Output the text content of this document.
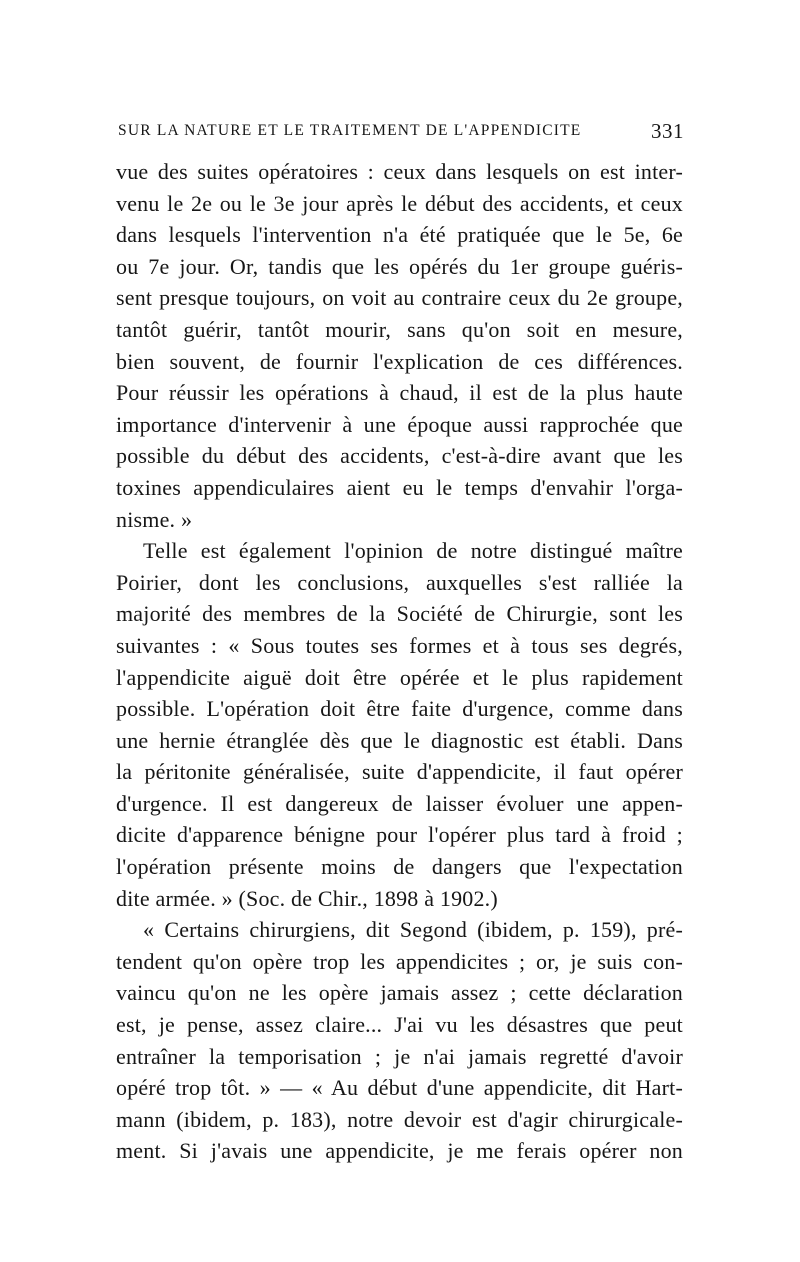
SUR LA NATURE ET LE TRAITEMENT DE L'APPENDICITE	331
vue des suites opératoires : ceux dans lesquels on est inter-
venu le 2e ou le 3e jour après le début des accidents, et ceux
dans lesquels l'intervention n'a été pratiquée que le 5e, 6e
ou 7e jour. Or, tandis que les opérés du 1er groupe guéris-
sent presque toujours, on voit au contraire ceux du 2e groupe,
tantôt guérir, tantôt mourir, sans qu'on soit en mesure,
bien souvent, de fournir l'explication de ces différences.
Pour réussir les opérations à chaud, il est de la plus haute
importance d'intervenir à une époque aussi rapprochée que
possible du début des accidents, c'est-à-dire avant que les
toxines appendiculaires aient eu le temps d'envahir l'orga-
nisme. »
Telle est également l'opinion de notre distingué maître
Poirier, dont les conclusions, auxquelles s'est ralliée la
majorité des membres de la Société de Chirurgie, sont les
suivantes : « Sous toutes ses formes et à tous ses degrés,
l'appendicite aiguë doit être opérée et le plus rapidement
possible. L'opération doit être faite d'urgence, comme dans
une hernie étranglée dès que le diagnostic est établi. Dans
la péritonite généralisée, suite d'appendicite, il faut opérer
d'urgence. Il est dangereux de laisser évoluer une appen-
dicite d'apparence bénigne pour l'opérer plus tard à froid ;
l'opération présente moins de dangers que l'expectation
dite armée. » (Soc. de Chir., 1898 à 1902.)
« Certains chirurgiens, dit Segond (ibidem, p. 159), pré-
tendent qu'on opère trop les appendicites ; or, je suis con-
vaincu qu'on ne les opère jamais assez ; cette déclaration
est, je pense, assez claire... J'ai vu les désastres que peut
entraîner la temporisation ; je n'ai jamais regretté d'avoir
opéré trop tôt. » — « Au début d'une appendicite, dit Hart-
mann (ibidem, p. 183), notre devoir est d'agir chirurgicale-
ment. Si j'avais une appendicite, je me ferais opérer non
